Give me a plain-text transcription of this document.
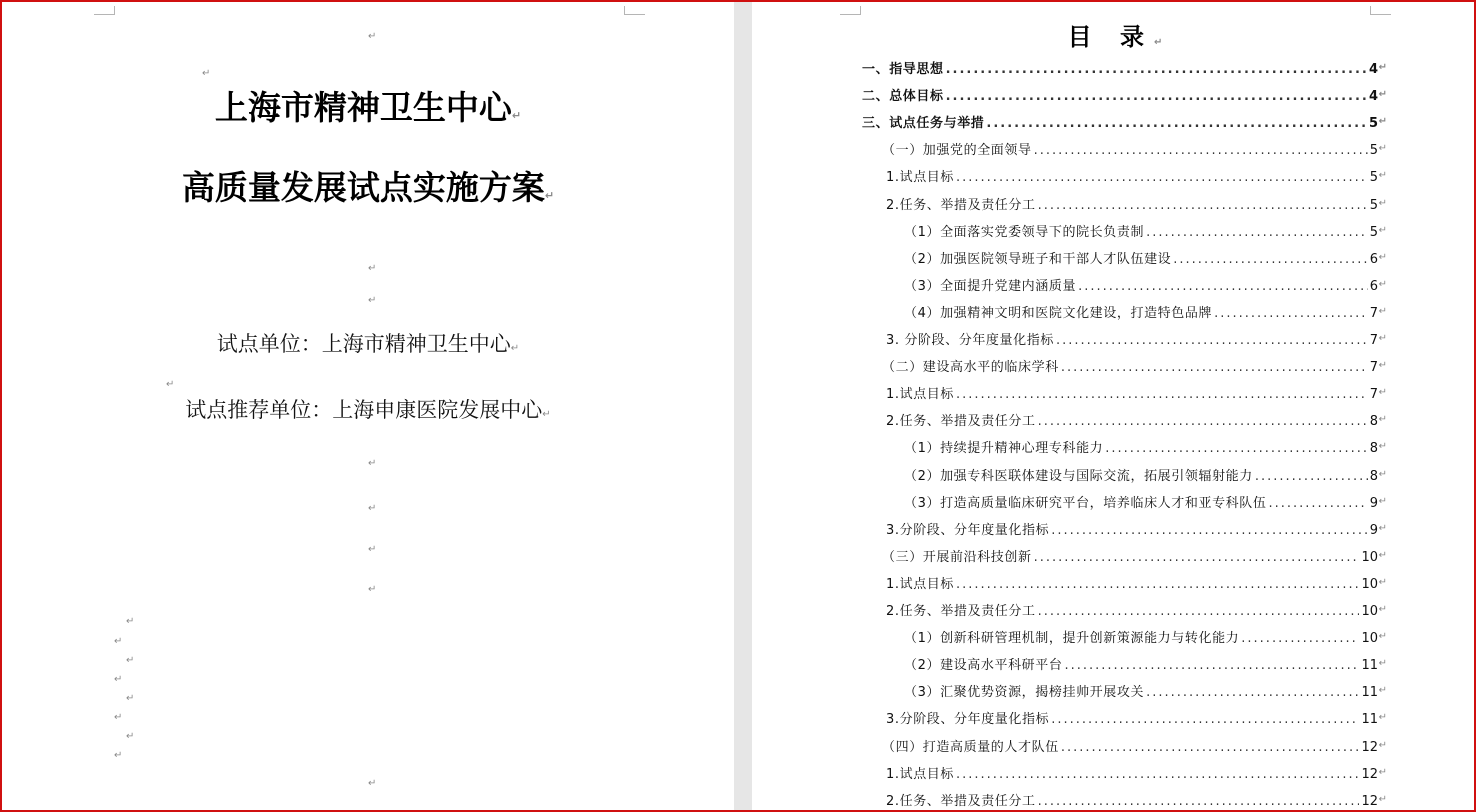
↵
↵
上海市精神卫生中心↵
高质量发展试点实施方案↵
↵
↵
试点单位：上海市精神卫生中心↵
↵
试点推荐单位：上海申康医院发展中心↵
↵
↵
↵
↵
↵
↵
↵
↵
↵
↵
↵
↵
↵
目 录↵
一、指导思想 .....	4 ↵
二、总体目标 .....	4 ↵
三、试点任务与举措 .....	5 ↵
（一）加强党的全面领导 .....	5 ↵
1.试点目标 .....	5 ↵
2.任务、举措及责任分工 .....	5 ↵
（1）全面落实党委领导下的院长负责制 .....	5 ↵
（2）加强医院领导班子和干部人才队伍建设 .....	6 ↵
（3）全面提升党建内涵质量 .....	6 ↵
（4）加强精神文明和医院文化建设，打造特色品牌 .....	7 ↵
3. 分阶段、分年度量化指标 .....	7 ↵
（二）建设高水平的临床学科 .....	7 ↵
1.试点目标 .....	7 ↵
2.任务、举措及责任分工 .....	8 ↵
（1）持续提升精神心理专科能力 .....	8 ↵
（2）加强专科医联体建设与国际交流，拓展引领辐射能力 .....	8 ↵
（3）打造高质量临床研究平台，培养临床人才和亚专科队伍 .....	9 ↵
3.分阶段、分年度量化指标 .....	9 ↵
（三）开展前沿科技创新 .....	10 ↵
1.试点目标 .....	10 ↵
2.任务、举措及责任分工 .....	10 ↵
（1）创新科研管理机制，提升创新策源能力与转化能力 .....	10 ↵
（2）建设高水平科研平台 .....	11 ↵
（3）汇聚优势资源，揭榜挂帅开展攻关 .....	11 ↵
3.分阶段、分年度量化指标 .....	11 ↵
（四）打造高质量的人才队伍 .....	12 ↵
1.试点目标 .....	12 ↵
2.任务、举措及责任分工 .....	12 ↵
